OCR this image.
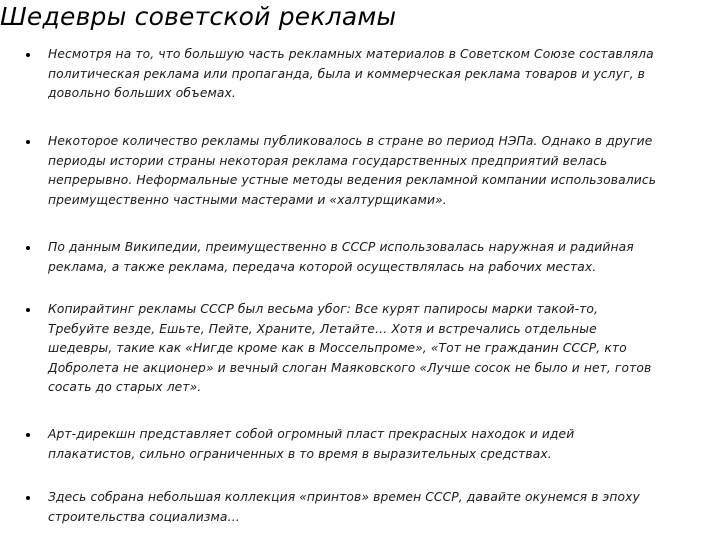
Шедевры советской рекламы
Несмотря на то, что большую часть рекламных материалов в Советском Союзе составляла политическая реклама или пропаганда, была и коммерческая реклама товаров и услуг, в довольно больших объемах.
Некоторое количество рекламы публиковалось в стране во период НЭПа. Однако в другие периоды истории страны некоторая реклама государственных предприятий велась непрерывно. Неформальные устные методы ведения рекламной компании использовались преимущественно частными мастерами и «халтурщиками».
По данным Википедии, преимущественно в СССР использовалась наружная и радийная реклама, а также реклама, передача которой осуществлялась на рабочих местах.
Копирайтинг рекламы СССР был весьма убог: Все курят папиросы марки такой-то, Требуйте везде, Ешьте, Пейте, Храните, Летайте… Хотя и встречались отдельные шедевры, такие как «Нигде кроме как в Моссельпроме», «Тот не гражданин СССР, кто Добролета не акционер» и вечный слоган Маяковского «Лучше сосок не было и нет, готов сосать до старых лет».
Арт-дирекшн представляет собой огромный пласт прекрасных находок и идей плакатистов, сильно ограниченных в то время в выразительных средствах.
Здесь собрана небольшая коллекция «принтов» времен СССР, давайте окунемся в эпоху строительства социализма…
